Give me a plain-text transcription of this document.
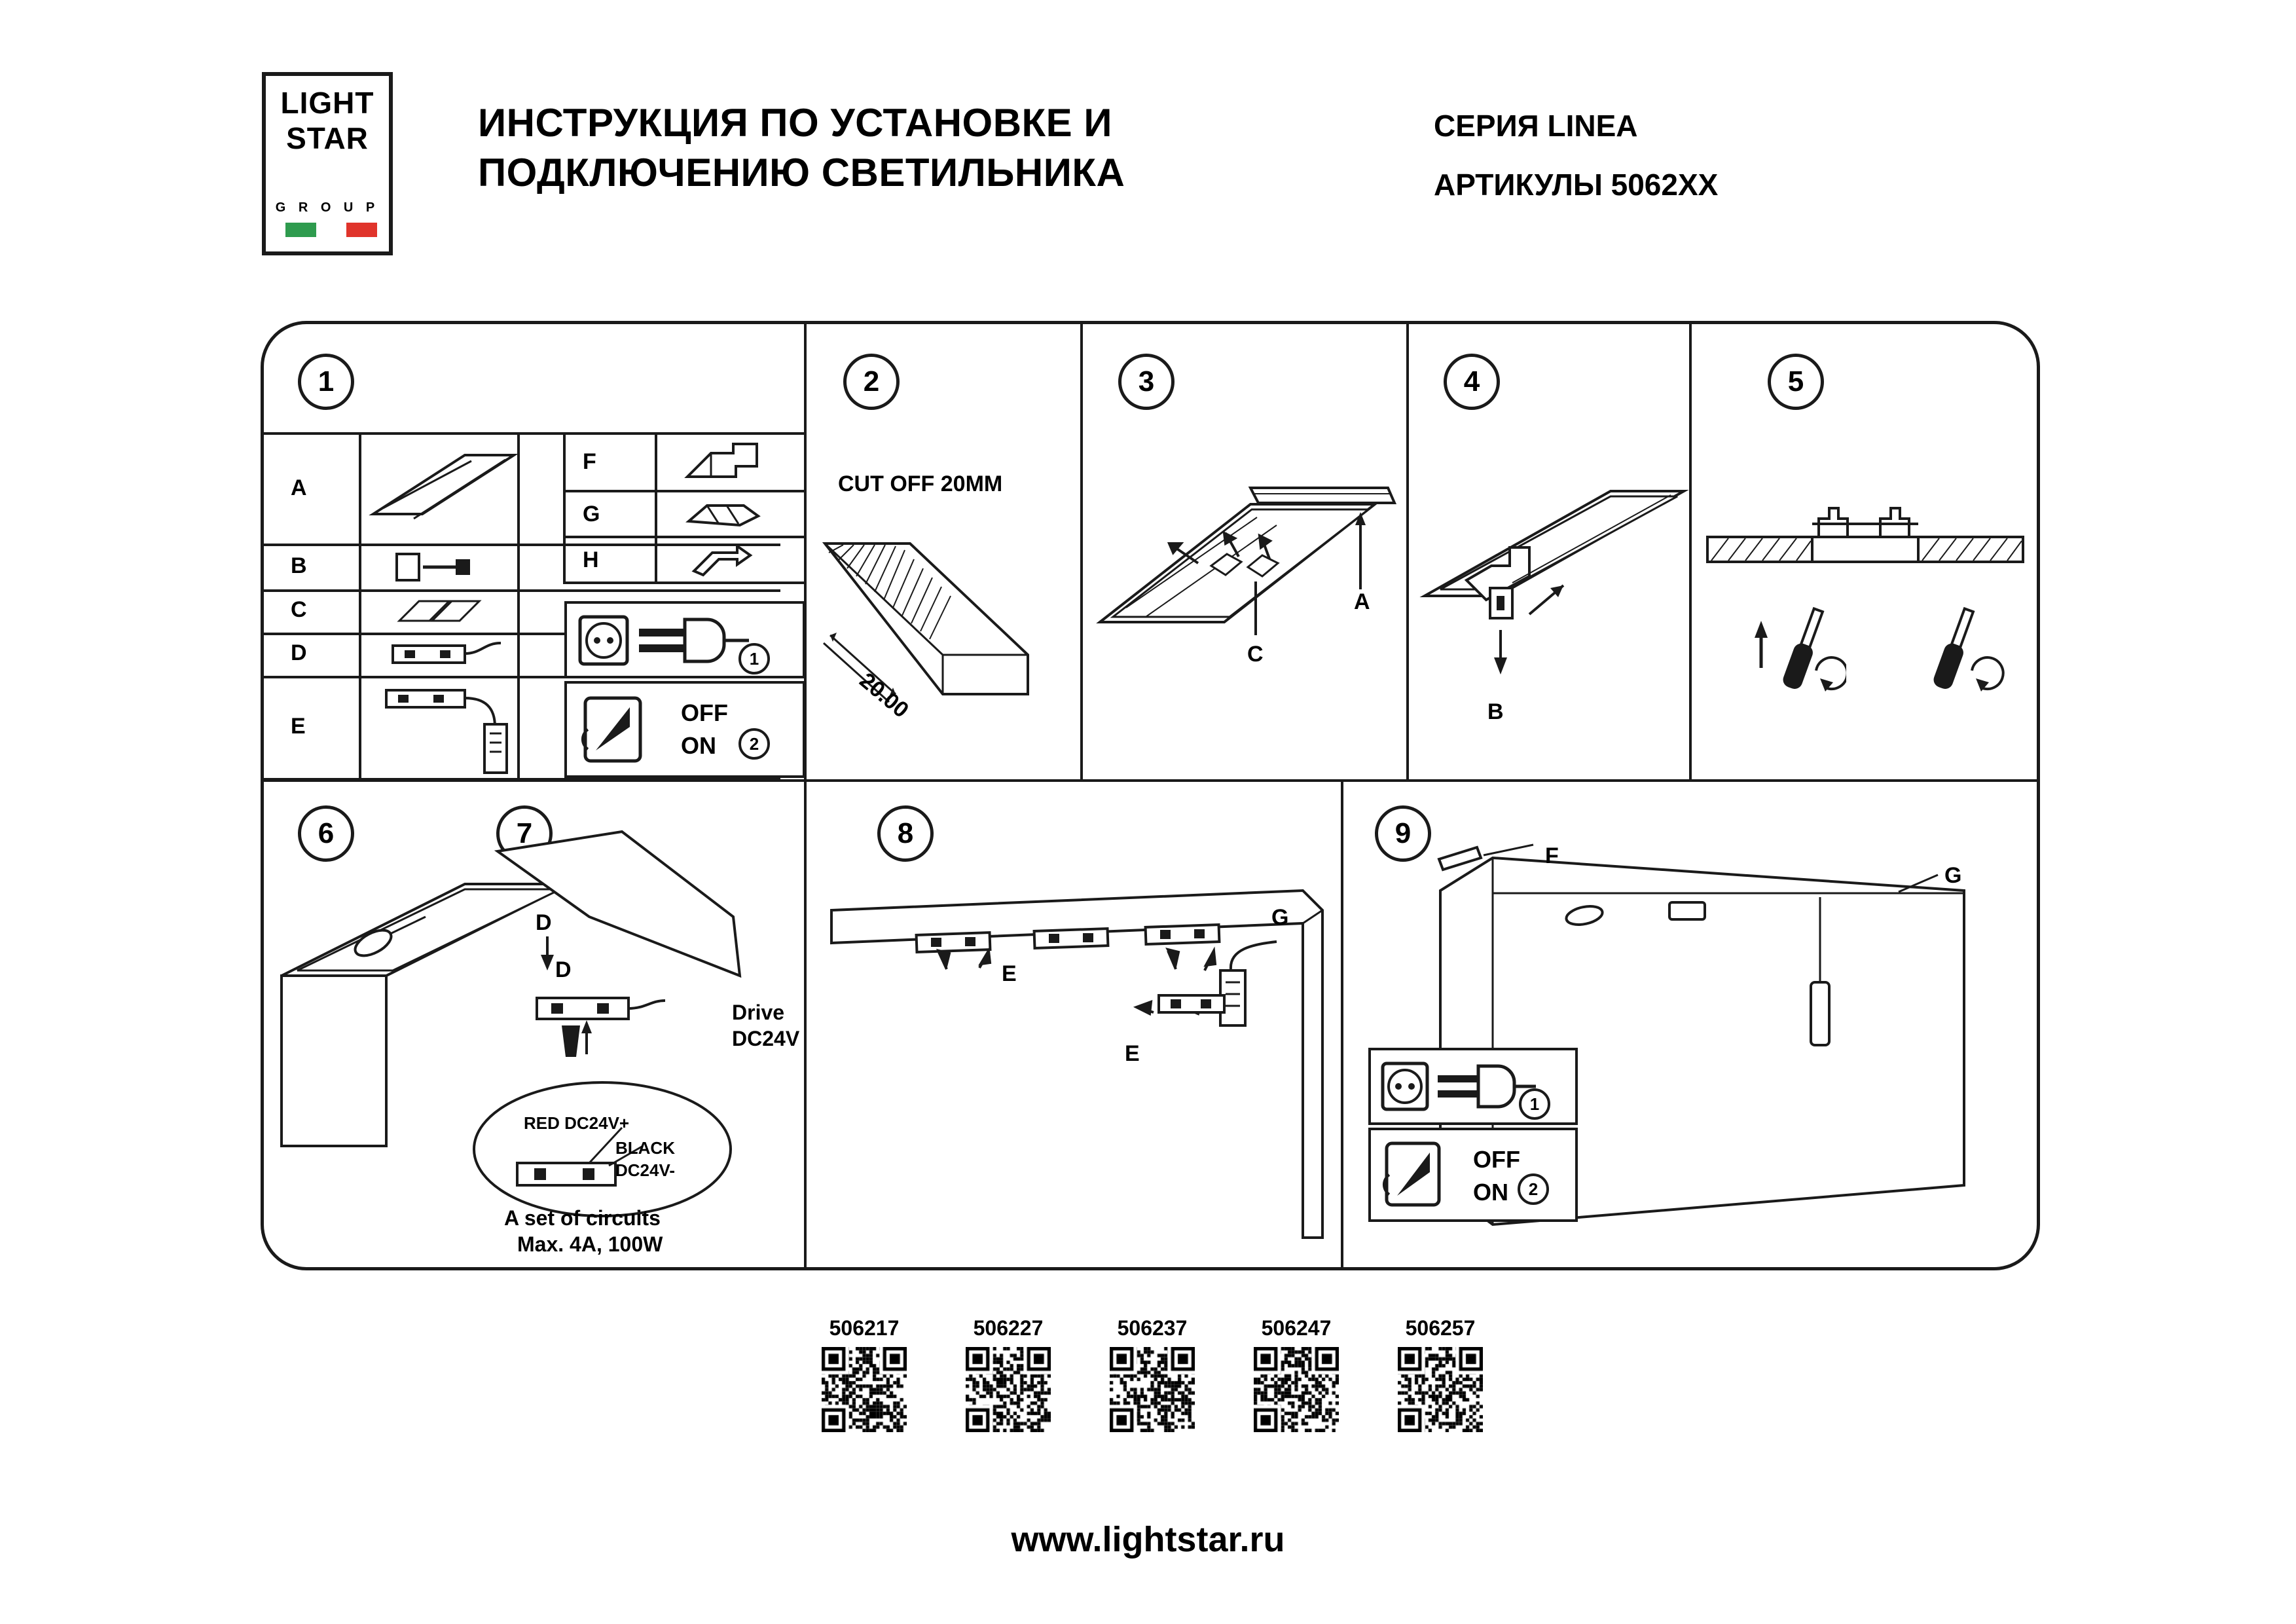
LIGHT
STAR
G R O U P
ИНСТРУКЦИЯ ПО УСТАНОВКЕ И
ПОДКЛЮЧЕНИЮ СВЕТИЛЬНИКА
СЕРИЯ LINEA
АРТИКУЛЫ 5062XX
1	2	3	4	5
6	7	8	9
A
B
C
D
E
F
G
H
1
OFF
ON	2
CUT OFF 20MM
20.00
A
C
B
D
D
Drive
DC24V
RED DC24V+
BLACK
DC24V-
A set of circuits
Max. 4A, 100W
G
E
E
F
G
1
OFF
ON	2
506217	506227	506237	506247	506257
www.lightstar.ru
